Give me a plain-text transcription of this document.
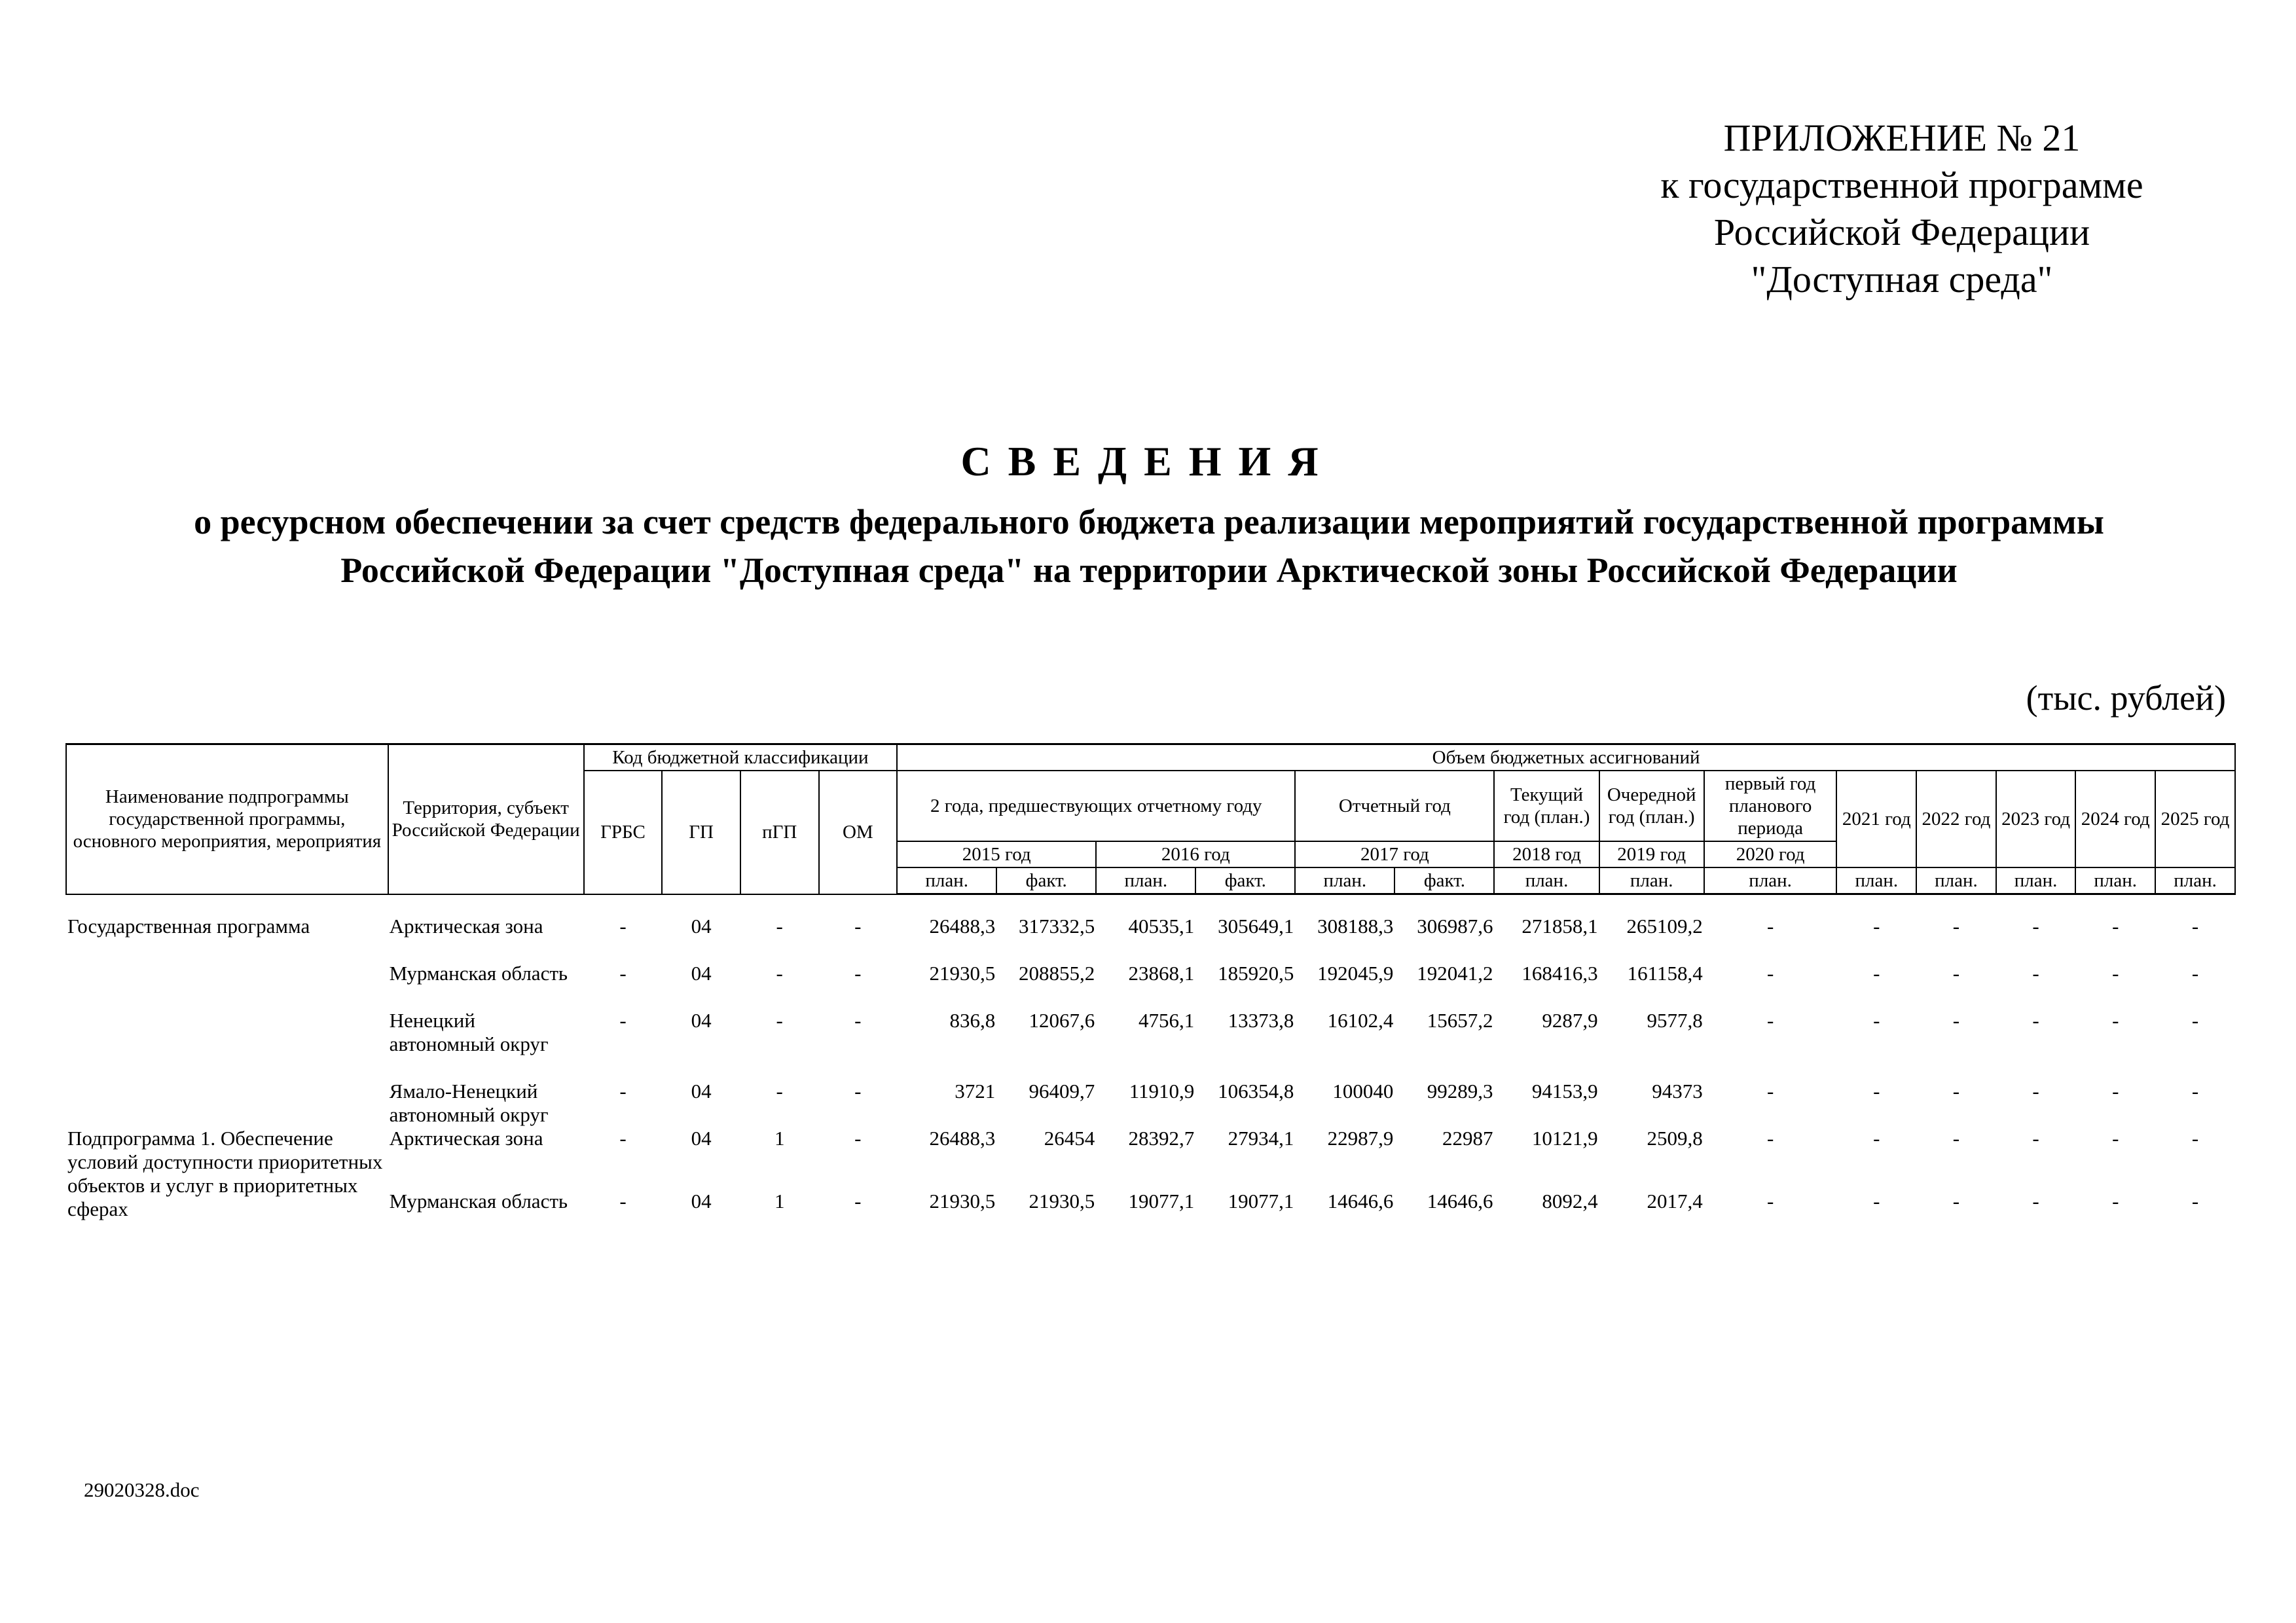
ПРИЛОЖЕНИЕ № 21
к государственной программе
Российской Федерации
"Доступная среда"
СВЕДЕНИЯ
о ресурсном обеспечении за счет средств федерального бюджета реализации мероприятий государственной программы
Российской Федерации "Доступная среда" на территории Арктической зоны Российской Федерации
(тыс. рублей)
Наименование подпрограммы государственной программы, основного мероприятия, мероприятия	Территория, субъект Российской Федерации	Код бюджетной классификации				Объем бюджетных ассигнований													
		ГРБС	ГП	пГП	ОМ	2 года, предшествующих отчетному году				Отчетный год		Текущий год (план.)	Очередной год (план.)	первый год планового периода	2021 год	2022 год	2023 год	2024 год	2025 год
						2015 год		2016 год		2017 год		2018 год	2019 год	2020 год					
						план.	факт.	план.	факт.	план.	факт.	план.	план.	план.	план.	план.	план.	план.	план.

Государственная программа	Арктическая зона	-	04	-	-	26488,3	317332,5	40535,1	305649,1	308188,3	306987,6	271858,1	265109,2	-	-	-	-	-	-
	Мурманская область	-	04	-	-	21930,5	208855,2	23868,1	185920,5	192045,9	192041,2	168416,3	161158,4	-	-	-	-	-	-
	Ненецкий автономный округ	-	04	-	-	836,8	12067,6	4756,1	13373,8	16102,4	15657,2	9287,9	9577,8	-	-	-	-	-	-
	Ямало-Ненецкий автономный округ	-	04	-	-	3721	96409,7	11910,9	106354,8	100040	99289,3	94153,9	94373	-	-	-	-	-	-
Подпрограмма 1. Обеспечение условий доступности приоритетных объектов и услуг в приоритетных сферах	Арктическая зона	-	04	1	-	26488,3	26454	28392,7	27934,1	22987,9	22987	10121,9	2509,8	-	-	-	-	-	-
	Мурманская область	-	04	1	-	21930,5	21930,5	19077,1	19077,1	14646,6	14646,6	8092,4	2017,4	-	-	-	-	-	-
29020328.doc
